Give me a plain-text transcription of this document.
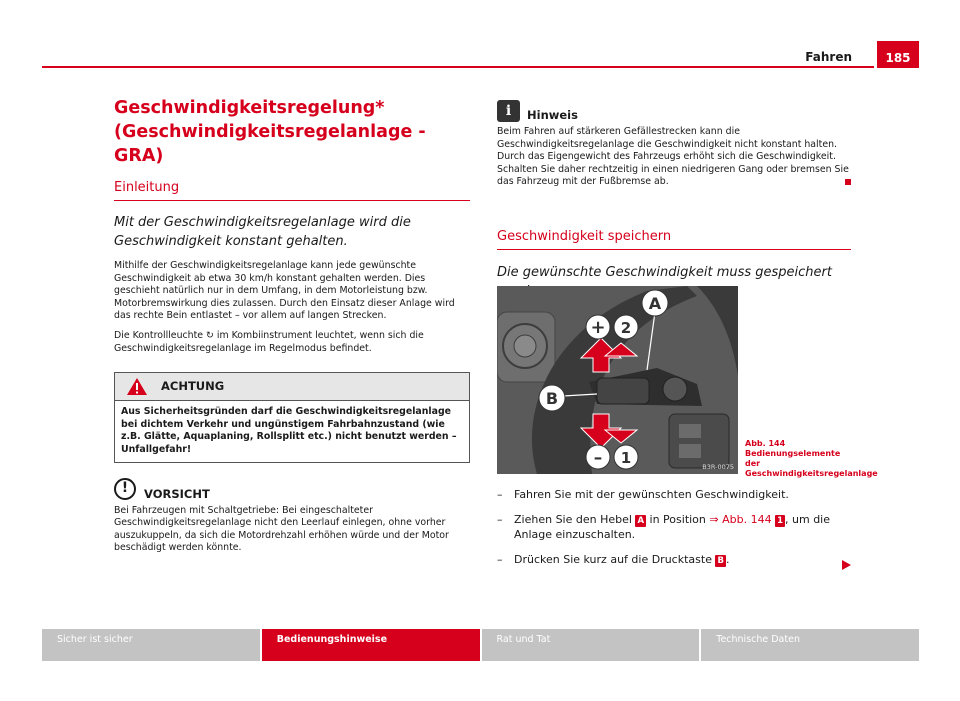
Fahren	185
Geschwindigkeitsregelung*
(Geschwindigkeitsregelanlage - GRA)
Einleitung
Mit der Geschwindigkeitsregelanlage wird die Geschwindigkeit konstant gehalten.

Mithilfe der Geschwindigkeitsregelanlage kann jede gewünschte Geschwindigkeit ab etwa 30 km/h konstant gehalten werden. Dies geschieht natürlich nur in dem Umfang, in dem Motorleistung bzw. Motorbremswirkung dies zulassen. Durch den Einsatz dieser Anlage wird das rechte Bein entlastet – vor allem auf langen Strecken.

Die Kontrollleuchte ↻ im Kombiinstrument leuchtet, wenn sich die Geschwindigkeitsregelanlage im Regelmodus befindet.

ACHTUNG
Aus Sicherheitsgründen darf die Geschwindigkeitsregelanlage bei dichtem Verkehr und ungünstigem Fahrbahnzustand (wie z.B. Glätte, Aquaplaning, Rollsplitt etc.) nicht benutzt werden – Unfallgefahr!
!	VORSICHT

Bei Fahrzeugen mit Schaltgetriebe: Bei eingeschalteter Geschwindigkeitsregelanlage nicht den Leerlauf einlegen, ohne vorher auszukuppeln, da sich die Motordrehzahl erhöhen würde und der Motor beschädigt werden könnte.

i	Hinweis

Beim Fahren auf stärkeren Gefällestrecken kann die Geschwindigkeitsregelanlage die Geschwindigkeit nicht konstant halten. Durch das Eigengewicht des Fahrzeugs erhöht sich die Geschwindigkeit. Schalten Sie daher rechtzeitig in einen niedrigeren Gang oder bremsen Sie das Fahrzeug mit der Fußbremse ab.

Geschwindigkeit speichern
Die gewünschte Geschwindigkeit muss gespeichert
+ 2
A
B
– 1	B3R-0075
Abb. 144 Bedienungselemente der Geschwindigkeitsregelanlage
–	Fahren Sie mit der gewünschten Geschwindigkeit.
–	Ziehen Sie den Hebel A in Position ⇒ Abb. 144 1 , um die Anlage einzuschalten.
–	Drücken Sie kurz auf die Drucktaste B .
Sicher ist sicher	Bedienungshinweise	Rat und Tat	Technische Daten
